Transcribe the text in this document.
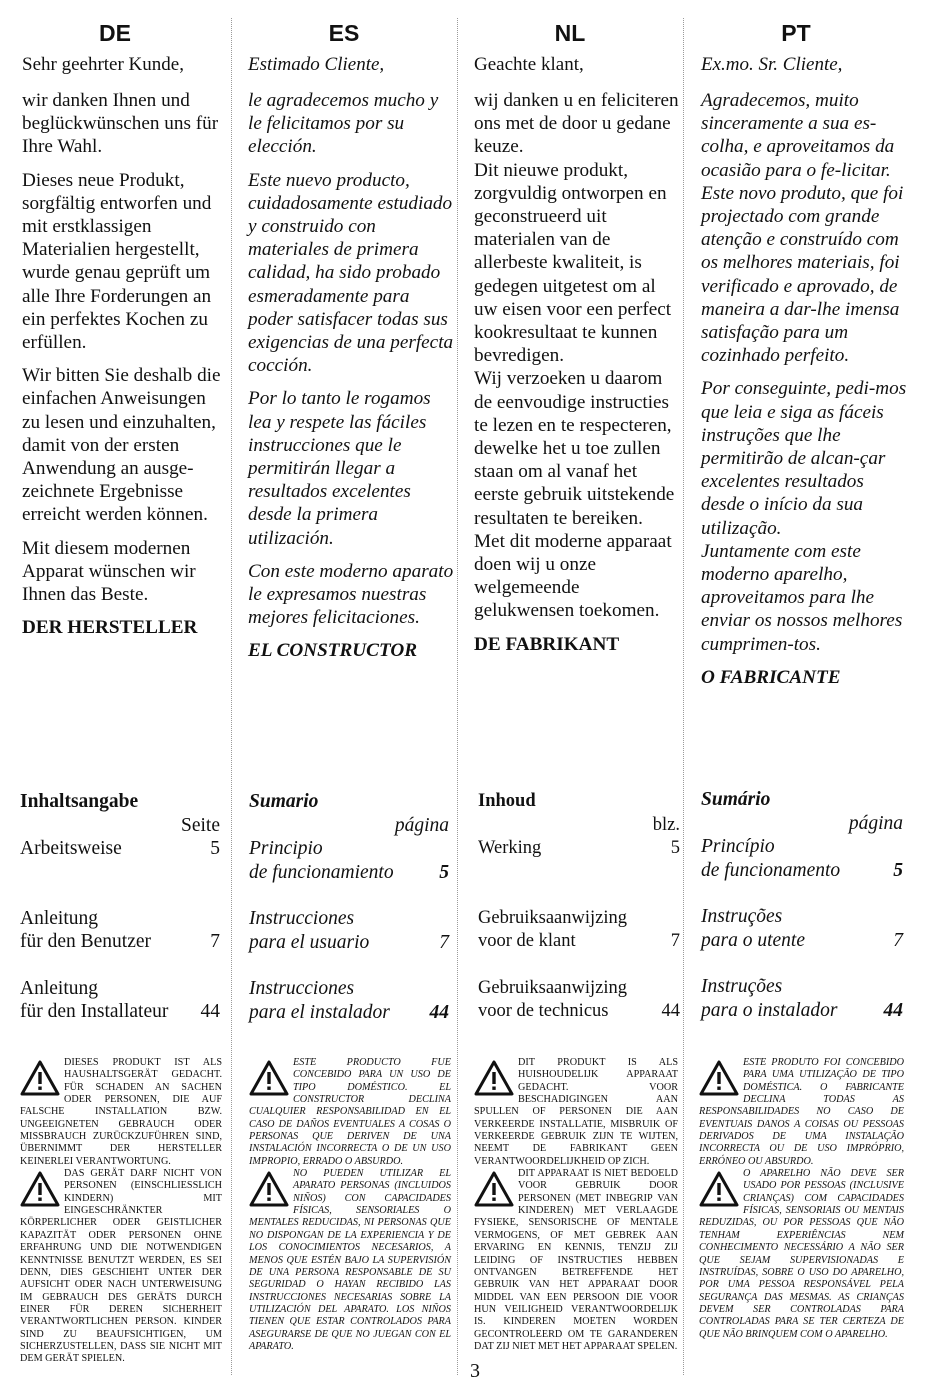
DE
Sehr geehrter Kunde,

wir danken Ihnen und beglückwünschen uns für Ihre Wahl.

Dieses neue Produkt, sorgfältig entworfen und mit erstklassigen Materialien hergestellt, wurde genau geprüft um alle Ihre Forderungen an ein perfektes Kochen zu erfüllen.

Wir bitten Sie deshalb die einfachen Anweisungen zu lesen und einzuhalten, damit von der ersten Anwendung an ausge-zeichnete Ergebnisse erreicht werden können.

Mit diesem modernen Apparat wünschen wir Ihnen das Beste.

DER HERSTELLER
Inhaltsangabe
Seite
Arbeitsweise	5
Anleitung
für den Benutzer	7
Anleitung
für den Installateur	44

DIESES PRODUKT IST ALS HAUSHALTSGERÄT GEDACHT. FÜR SCHADEN AN SACHEN ODER PERSONEN, DIE AUF FALSCHE INSTALLATION BZW. UNGEEIGNETEN GEBRAUCH ODER MISSBRAUCH ZURÜCKZUFÜHREN SIND, ÜBERNIMMT DER HERSTELLER KEINERLEI VERANTWORTUNG.

DAS GERÄT DARF NICHT VON PERSONEN (EINSCHLIESSLICH KINDERN) MIT EINGESCHRÄNKTER KÖRPERLICHER ODER GEISTLICHER KAPAZITÄT ODER PERSONEN OHNE ERFAHRUNG UND DIE NOTWENDIGEN KENNTNISSE BENUTZT WERDEN, ES SEI DENN, DIES GESCHIEHT UNTER DER AUFSICHT ODER NACH UNTERWEISUNG IM GEBRAUCH DES GERÄTS DURCH EINER FÜR DEREN SICHERHEIT VERANTWORTLICHEN PERSON. KINDER SIND ZU BEAUFSICHTIGEN, UM SICHERZUSTELLEN, DASS SIE NICHT MIT DEM GERÄT SPIELEN.

ES
Estimado Cliente,

le agradecemos mucho y le felicitamos por su elección.

Este nuevo producto, cuidadosamente estudiado y construido con materiales de primera calidad, ha sido probado esmeradamente para poder satisfacer todas sus exigencias de una perfecta cocción.

Por lo tanto le rogamos lea y respete las fáciles instrucciones que le permitirán llegar a resultados excelentes desde la primera utilización.

Con este moderno aparato le expresamos nuestras mejores felicitaciones.

EL CONSTRUCTOR
Sumario
página
Principio
de funcionamiento	5
Instrucciones
para el usuario	7
Instrucciones
para el instalador	44

ESTE PRODUCTO FUE CONCEBIDO PARA UN USO DE TIPO DOMÉSTICO. EL CONSTRUCTOR DECLINA CUALQUIER RESPONSABILIDAD EN EL CASO DE DAÑOS EVENTUALES A COSAS O PERSONAS QUE DERIVEN DE UNA INSTALACIÓN INCORRECTA O DE UN USO IMPROPIO, ERRADO O ABSURDO.

NO PUEDEN UTILIZAR EL APARATO PERSONAS (INCLUIDOS NIÑOS) CON CAPACIDADES FÍSICAS, SENSORIALES O MENTALES REDUCIDAS, NI PERSONAS QUE NO DISPONGAN DE LA EXPERIENCIA Y DE LOS CONOCIMIENTOS NECESARIOS, A MENOS QUE ESTÉN BAJO LA SUPERVISIÓN DE UNA PERSONA RESPONSABLE DE SU SEGURIDAD O HAYAN RECIBIDO LAS INSTRUCCIONES NECESARIAS SOBRE LA UTILIZACIÓN DEL APARATO. LOS NIÑOS TIENEN QUE ESTAR CONTROLADOS PARA ASEGURARSE DE QUE NO JUEGAN CON EL APARATO.

NL
Geachte klant,

wij danken u en feliciteren ons met de door u gedane keuze.

Dit nieuwe produkt, zorgvuldig ontworpen en geconstrueerd uit materialen van de allerbeste kwaliteit, is gedegen uitgetest om al uw eisen voor een perfect kookresultaat te kunnen bevredigen.

Wij verzoeken u daarom de eenvoudige instructies te lezen en te respecteren, dewelke het u toe zullen staan om al vanaf het eerste gebruik uitstekende resultaten te bereiken.

Met dit moderne apparaat doen wij u onze welgemeende gelukwensen toekomen.

DE FABRIKANT
Inhoud
blz.
Werking	5
Gebruiksaanwijzing
voor de klant	7
Gebruiksaanwijzing
voor de technicus	44

DIT PRODUKT IS ALS HUISHOUDELIJK APPARAAT GEDACHT. VOOR BESCHADIGINGEN AAN SPULLEN OF PERSONEN DIE AAN VERKEERDE INSTALLATIE, MISBRUIK OF VERKEERDE GEBRUIK ZIJN TE WIJTEN, NEEMT DE FABRIKANT GEEN VERANTWOORDELIJKHEID OP ZICH.

DIT APPARAAT IS NIET BEDOELD VOOR GEBRUIK DOOR PERSONEN (MET INBEGRIP VAN KINDEREN) MET VERLAAGDE FYSIEKE, SENSORISCHE OF MENTALE VERMOGENS, OF MET GEBREK AAN ERVARING EN KENNIS, TENZIJ ZIJ LEIDING OF INSTRUCTIES HEBBEN ONTVANGEN BETREFFENDE HET GEBRUIK VAN HET APPARAAT DOOR MIDDEL VAN EEN PERSOON DIE VOOR HUN VEILIGHEID VERANTWOORDELIJK IS. KINDEREN MOETEN WORDEN GECONTROLEERD OM TE GARANDEREN DAT ZIJ NIET MET HET APPARAAT SPELEN.

PT
Ex.mo. Sr. Cliente,

Agradecemos, muito sinceramente a sua es-colha, e aproveitamos da ocasião para o fe-licitar.

Este novo produto, que foi projectado com grande atenção e construído com os melhores materiais, foi verificado e aprovado, de maneira a dar-lhe imensa satisfação para um cozinhado perfeito.

Por conseguinte, pedi-mos que leia e siga as fáceis instruções que lhe permitirão de alcan-çar excelentes resultados desde o início da sua utilização.

Juntamente com este moderno aparelho, aproveitamos para lhe enviar os nossos melhores cumprimen-tos.

O FABRICANTE
Sumário
página
Princípio
de funcionamento	5
Instruções
para o utente	7
Instruções
para o instalador	44

ESTE PRODUTO FOI CONCEBIDO PARA UMA UTILIZAÇÃO DE TIPO DOMÉSTICA. O FABRICANTE DECLINA TODAS AS RESPONSABILIDADES NO CASO DE EVENTUAIS DANOS A COISAS OU PESSOAS DERIVADOS DE UMA INSTALAÇÃO INCORRECTA OU DE USO IMPRÓPRIO, ERRÓNEO OU ABSURDO.

O APARELHO NÃO DEVE SER USADO POR PESSOAS (INCLUSIVE CRIANÇAS) COM CAPACIDADES FÍSICAS, SENSORIAIS OU MENTAIS REDUZIDAS, OU POR PESSOAS QUE NÃO TENHAM EXPERIÊNCIAS NEM CONHECIMENTO NECESSÁRIO A NÃO SER QUE SEJAM SUPERVISIONADAS E INSTRUÍDAS, SOBRE O USO DO APARELHO, POR UMA PESSOA RESPONSÁVEL PELA SEGURANÇA DAS MESMAS. AS CRIANÇAS DEVEM SER CONTROLADAS PARA CONTROLADAS PARA SE TER CERTEZA DE QUE NÃO BRINQUEM COM O APARELHO.

3
